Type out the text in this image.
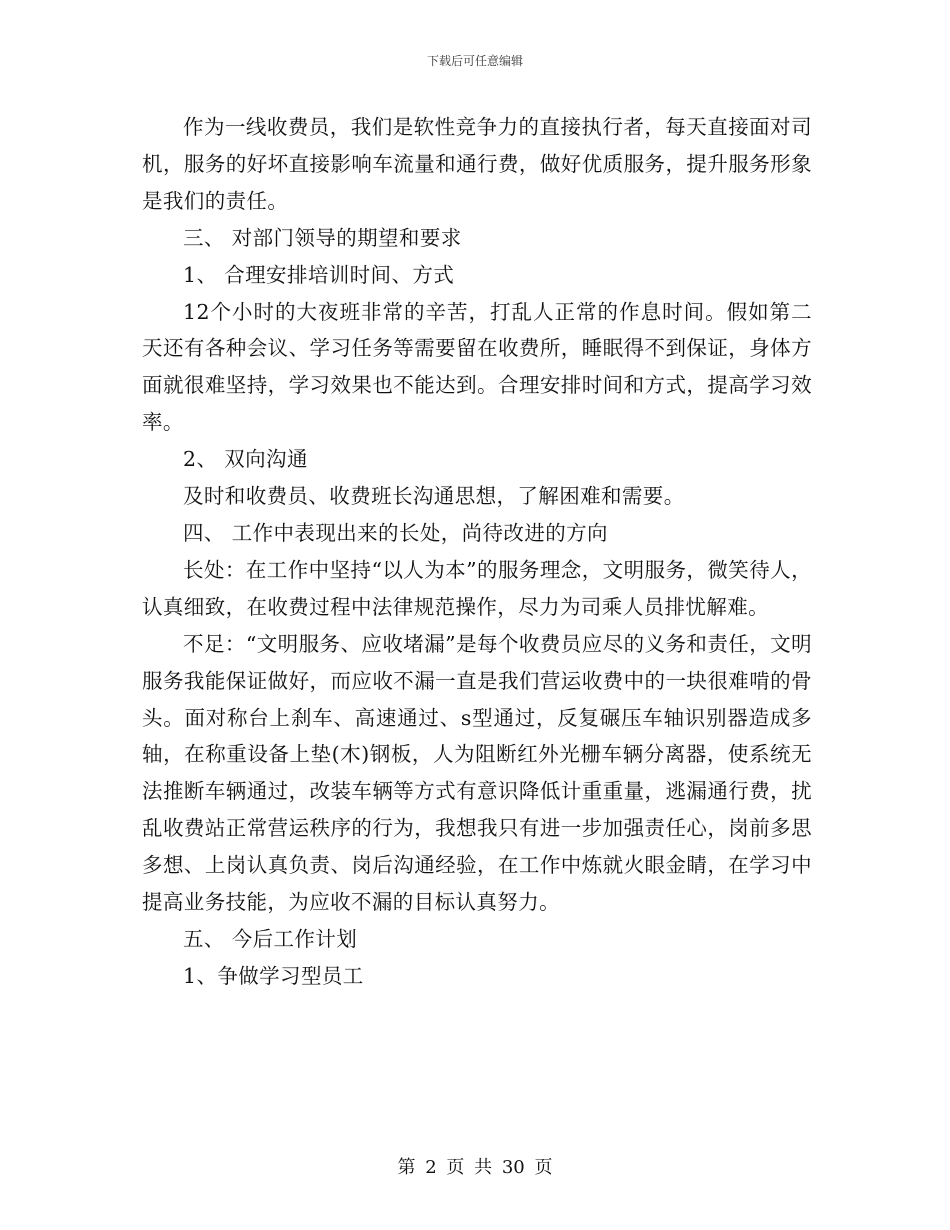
下载后可任意编辑

作为一线收费员，我们是软性竞争力的直接执行者，每天直接面对司机，服务的好坏直接影响车流量和通行费，做好优质服务，提升服务形象是我们的责任。

三、 对部门领导的期望和要求

1、 合理安排培训时间、方式

12个小时的大夜班非常的辛苦，打乱人正常的作息时间。假如第二天还有各种会议、学习任务等需要留在收费所，睡眠得不到保证，身体方面就很难坚持，学习效果也不能达到。合理安排时间和方式，提高学习效率。

2、 双向沟通

及时和收费员、收费班长沟通思想，了解困难和需要。

四、 工作中表现出来的长处，尚待改进的方向

长处：在工作中坚持“以人为本”的服务理念，文明服务，微笑待人，认真细致，在收费过程中法律规范操作，尽力为司乘人员排忧解难。

不足：“文明服务、应收堵漏”是每个收费员应尽的义务和责任，文明服务我能保证做好，而应收不漏一直是我们营运收费中的一块很难啃的骨头。面对称台上刹车、高速通过、s型通过，反复碾压车轴识别器造成多轴，在称重设备上垫(木)钢板，人为阻断红外光栅车辆分离器，使系统无法推断车辆通过，改装车辆等方式有意识降低计重重量，逃漏通行费，扰乱收费站正常营运秩序的行为，我想我只有进一步加强责任心，岗前多思多想、上岗认真负责、岗后沟通经验，在工作中炼就火眼金睛，在学习中提高业务技能，为应收不漏的目标认真努力。

五、 今后工作计划

1、争做学习型员工

第 2 页 共 30 页
